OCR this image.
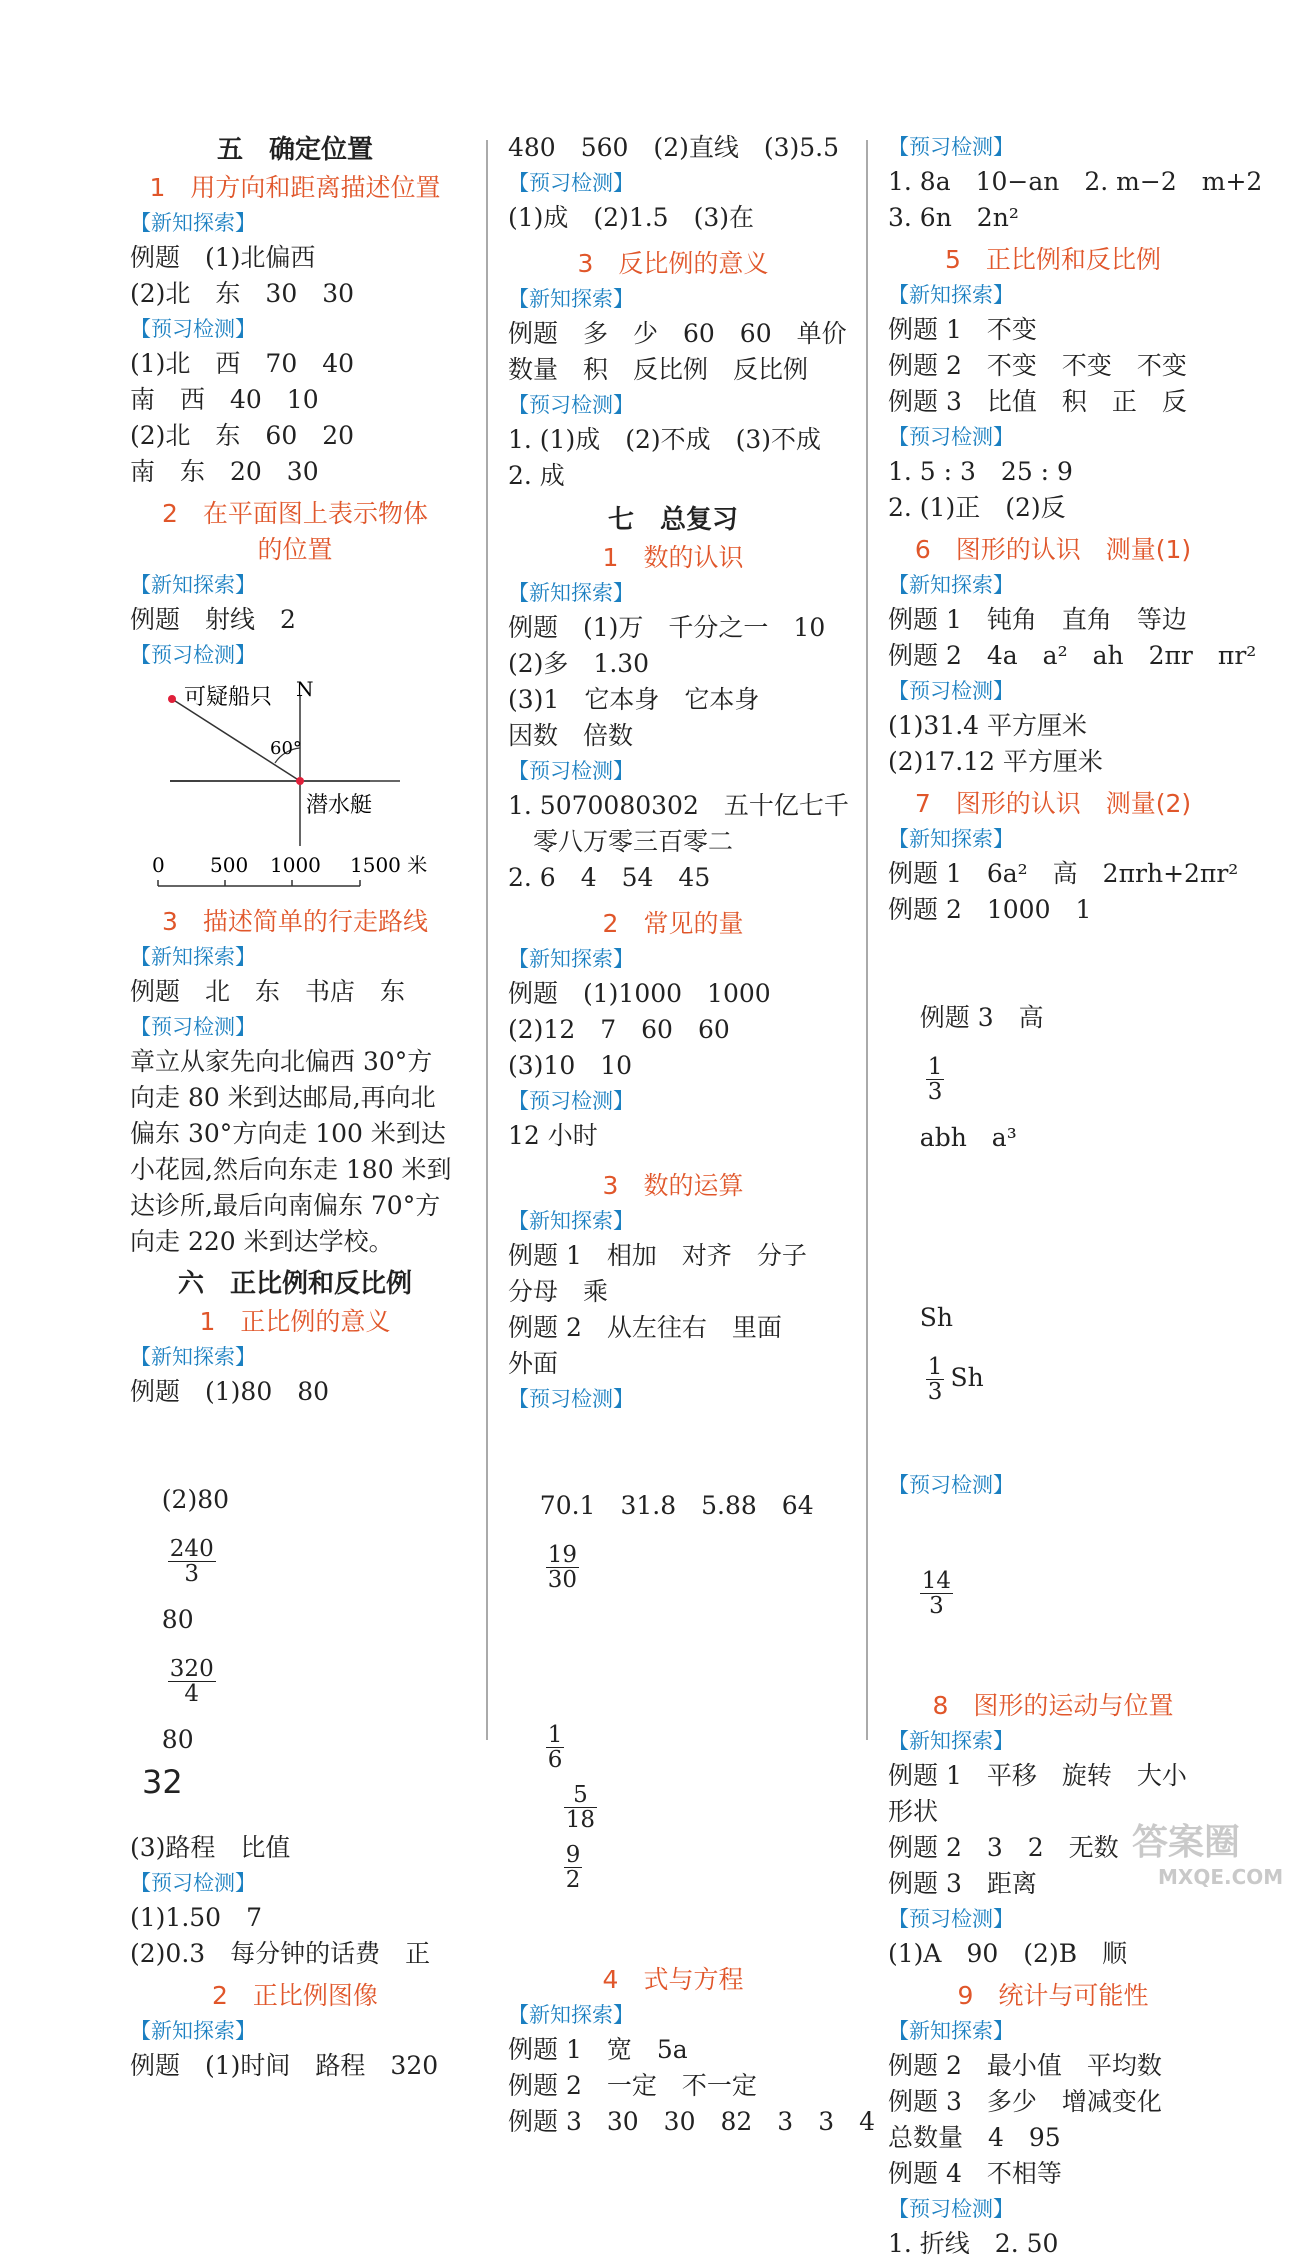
五　确定位置
1　用方向和距离描述位置
【新知探索】
例题　(1)北偏西
(2)北　东　30　30
【预习检测】
(1)北　西　70　40
南　西　40　10
(2)北　东　60　20
南　东　20　30
2　在平面图上表示物体
的位置
【新知探索】
例题　射线　2
【预习检测】
可疑船只 N
60°
潜水艇
0 500 1000 1500 米
3　描述简单的行走路线
【新知探索】
例题　北　东　书店　东
【预习检测】
章立从家先向北偏西 30°方
向走 80 米到达邮局,再向北
偏东 30°方向走 100 米到达
小花园,然后向东走 180 米到
达诊所,最后向南偏东 70°方
向走 220 米到达学校。
六　正比例和反比例
1　正比例的意义
【新知探索】
例题　(1)80　80

(2)80

$\frac{240}{3}$

80

$\frac{320}{4}$

80

(3)路程　比值
【预习检测】
(1)1.50　7
(2)0.3　每分钟的话费　正
2　正比例图像
【新知探索】
例题　(1)时间　路程　320
480　560　(2)直线　(3)5.5
【预习检测】
(1)成　(2)1.5　(3)在
3　反比例的意义
【新知探索】
例题　多　少　60　60　单价
数量　积　反比例　反比例
【预习检测】
1. (1)成　(2)不成　(3)不成
2. 成
七　总复习
1　数的认识
【新知探索】
例题　(1)万　千分之一　10
(2)多　1.30
(3)1　它本身　它本身
因数　倍数
【预习检测】
1. 5070080302　五十亿七千
　零八万零三百零二
2. 6　4　54　45
2　常见的量
【新知探索】
例题　(1)1000　1000
(2)12　7　60　60
(3)10　10
【预习检测】
12 小时
3　数的运算
【新知探索】
例题 1　相加　对齐　分子
分母　乘
例题 2　从左往右　里面
外面
【预习检测】

70.1　31.8　5.88　64

$\frac{19}{30}$

$\frac{1}{6}$

$\frac{5}{18}$

$\frac{9}{2}$

4　式与方程
【新知探索】
例题 1　宽　5a
例题 2　一定　不一定
例题 3　30　30　82　3　3　4
【预习检测】
1. 8a　10−an　2. m−2　m+2
3. 6n　2n²
5　正比例和反比例
【新知探索】
例题 1　不变
例题 2　不变　不变　不变
例题 3　比值　积　正　反
【预习检测】
1. 5 : 3　25 : 9
2. (1)正　(2)反
6　图形的认识　测量(1)
【新知探索】
例题 1　钝角　直角　等边
例题 2　4a　a²　ah　2πr　πr²
【预习检测】
(1)31.4 平方厘米
(2)17.12 平方厘米
7　图形的认识　测量(2)
【新知探索】
例题 1　6a²　高　2πrh+2πr²
例题 2　1000　1

例题 3　高

$\frac{1}{3}$

abh　a³

Sh

$\frac{1}{3}$ Sh

【预习检测】

$\frac{14}{3}$

8　图形的运动与位置
【新知探索】
例题 1　平移　旋转　大小
形状
例题 2　3　2　无数
例题 3　距离
【预习检测】
(1)A　90　(2)B　顺
9　统计与可能性
【新知探索】
例题 2　最小值　平均数
例题 3　多少　增减变化
总数量　4　95
例题 4　不相等
【预习检测】
1. 折线　2. 50
32
答案圈
MXQE.COM
